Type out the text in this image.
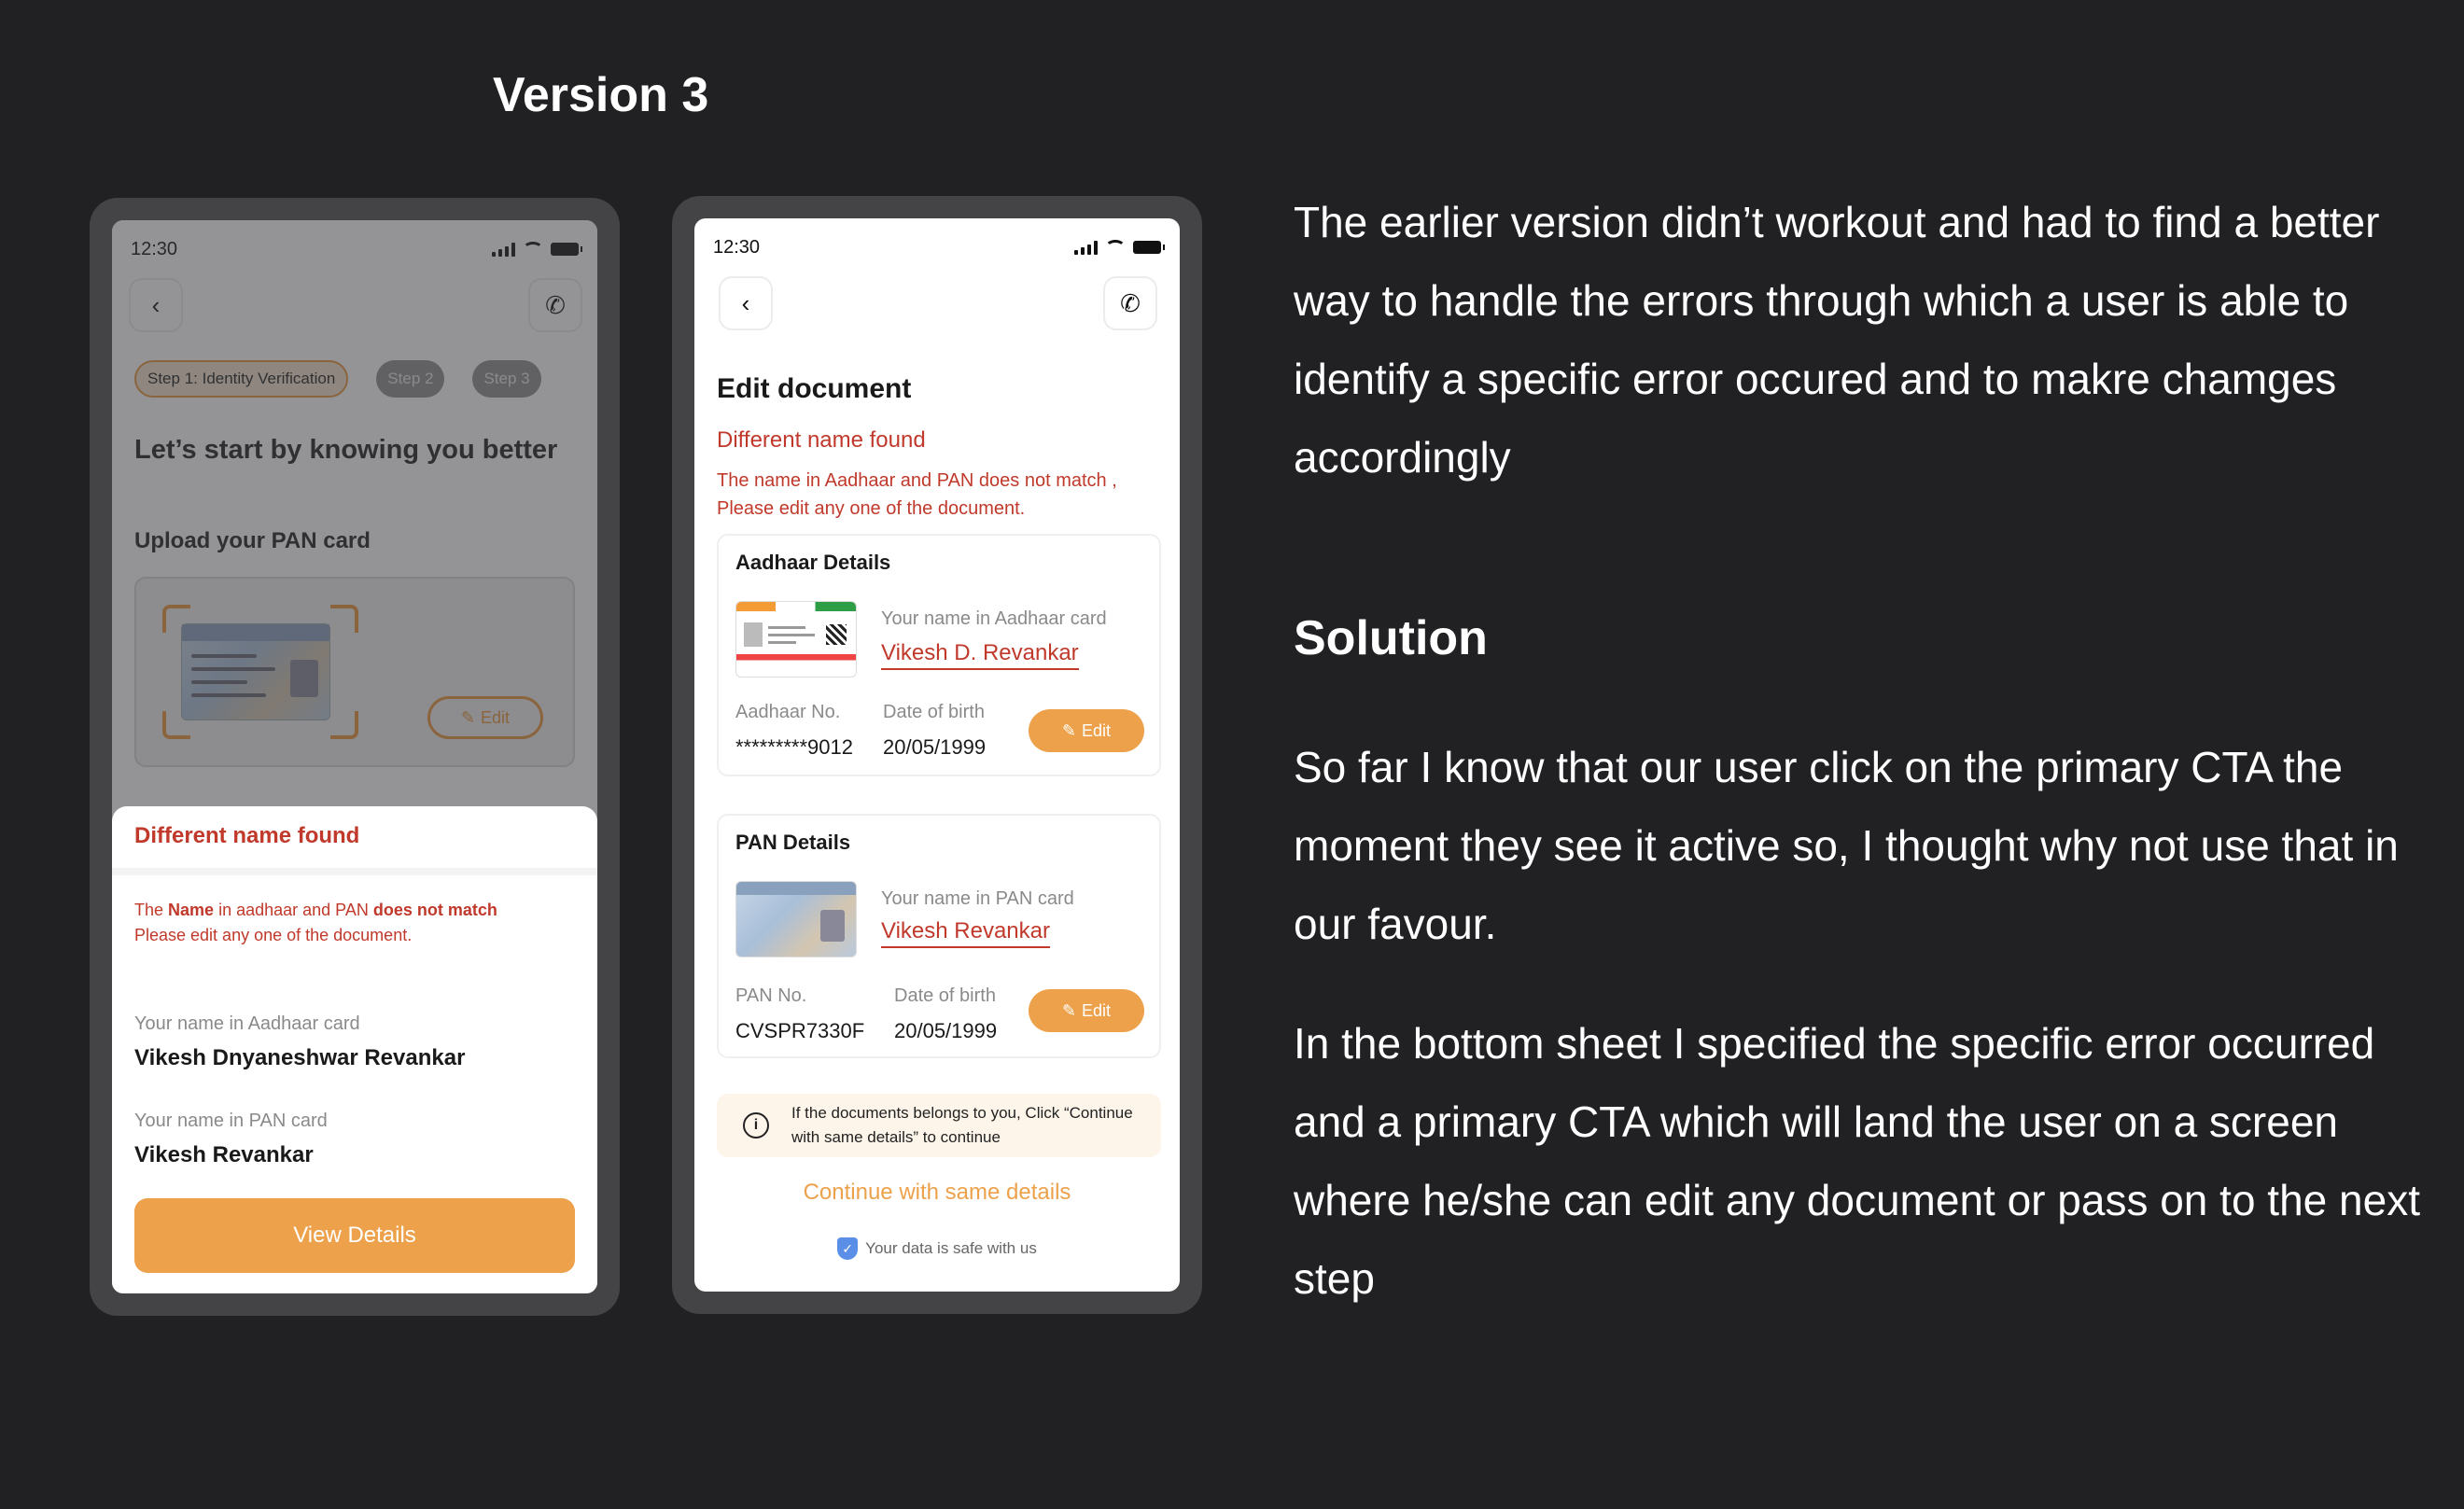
Version 3
Different name found
The Name in aadhaar and PAN does not match
Please edit any one of the document.
Your name in Aadhaar card
Vikesh Dnyaneshwar Revankar
Your name in PAN card
Vikesh Revankar
View Details
12:30
‹	✆
Edit document
Different name found
The name in Aadhaar and PAN does not match , Please edit any one of the document.
Aadhaar Details
Your name in Aadhaar card
Vikesh D. Revankar
Aadhaar No.
*********9012
Date of birth
20/05/1999
✎ Edit
PAN Details
Your name in PAN card
Vikesh Revankar
PAN No.
CVSPR7330F
Date of birth
20/05/1999
✎ Edit
i
If the documents belongs to you, Click “Continue with same details” to continue
Continue with same details
✓ Your data is safe with us
The earlier version didn’t workout and had to find a better way to handle the errors through which a user is able to identify a specific error occured and to makre chamges accordingly
Solution
So far I know that our user click on the primary CTA the moment they see it active so, I thought why not use that in our favour.
In the bottom sheet I specified the specific error occurred and a primary CTA which will land the user on a screen where he/she can edit any document or pass on to the next step
